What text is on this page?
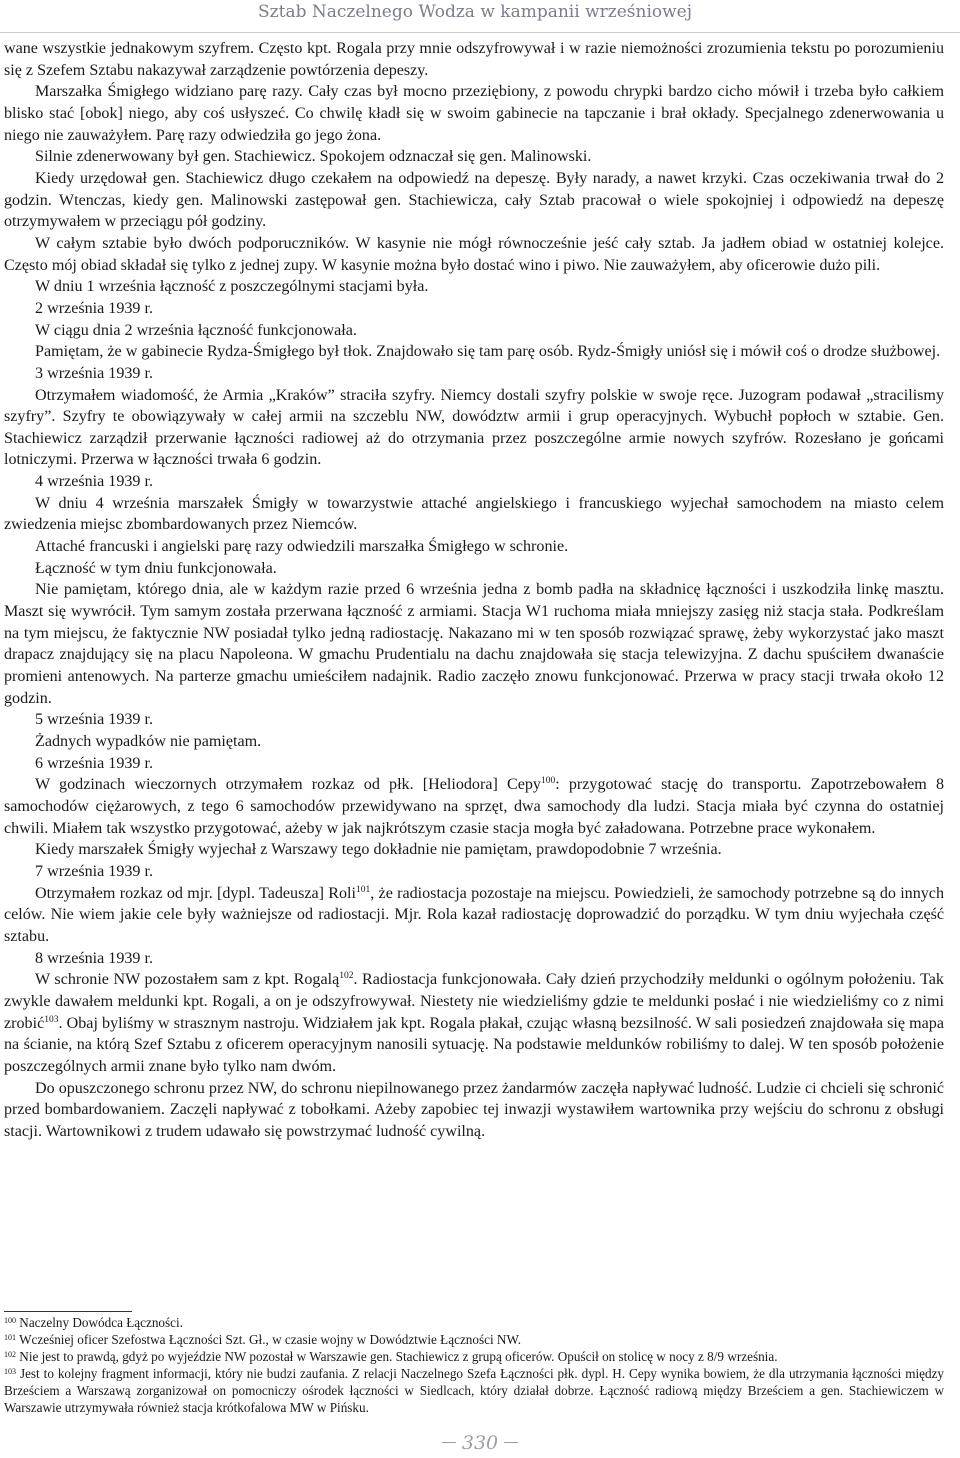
Sztab Naczelnego Wodza w kampanii wrześniowej

wane wszystkie jednakowym szyfrem. Często kpt. Rogala przy mnie odszyfrowywał i w razie niemożności zrozumienia tekstu po porozumieniu się z Szefem Sztabu nakazywał zarządzenie powtórzenia depeszy.

Marszałka Śmigłego widziano parę razy. Cały czas był mocno przeziębiony, z powodu chrypki bardzo cicho mówił i trzeba było całkiem blisko stać [obok] niego, aby coś usłyszeć. Co chwilę kładł się w swoim gabinecie na tapczanie i brał okłady. Specjalnego zdenerwowania u niego nie zauważyłem. Parę razy odwiedziła go jego żona.

Silnie zdenerwowany był gen. Stachiewicz. Spokojem odznaczał się gen. Malinowski.

Kiedy urzędował gen. Stachiewicz długo czekałem na odpowiedź na depeszę. Były narady, a nawet krzyki. Czas oczekiwania trwał do 2 godzin. Wtenczas, kiedy gen. Malinowski zastępował gen. Stachiewicza, cały Sztab pracował o wiele spokojniej i odpowiedź na depeszę otrzymywałem w przeciągu pół godziny.

W całym sztabie było dwóch podporuczników. W kasynie nie mógł równocześnie jeść cały sztab. Ja jadłem obiad w ostatniej kolejce. Często mój obiad składał się tylko z jednej zupy. W kasynie można było dostać wino i piwo. Nie zauważyłem, aby oficerowie dużo pili.

W dniu 1 września łączność z poszczególnymi stacjami była.

2 września 1939 r.

W ciągu dnia 2 września łączność funkcjonowała.

Pamiętam, że w gabinecie Rydza-Śmigłego był tłok. Znajdowało się tam parę osób. Rydz-Śmigły uniósł się i mówił coś o drodze służbowej.

3 września 1939 r.

Otrzymałem wiadomość, że Armia „Kraków” straciła szyfry. Niemcy dostali szyfry polskie w swoje ręce. Juzogram podawał „stracilismy szyfry”. Szyfry te obowiązywały w całej armii na szczeblu NW, dowództw armii i grup operacyjnych. Wybuchł popłoch w sztabie. Gen. Stachiewicz zarządził przerwanie łączności radiowej aż do otrzymania przez poszczególne armie nowych szyfrów. Rozesłano je gońcami lotniczymi. Przerwa w łączności trwała 6 godzin.

4 września 1939 r.

W dniu 4 września marszałek Śmigły w towarzystwie attaché angielskiego i francuskiego wyjechał samochodem na miasto celem zwiedzenia miejsc zbombardowanych przez Niemców.

Attaché francuski i angielski parę razy odwiedzili marszałka Śmigłego w schronie.

Łączność w tym dniu funkcjonowała.

Nie pamiętam, którego dnia, ale w każdym razie przed 6 września jedna z bomb padła na składnicę łączności i uszkodziła linkę masztu. Maszt się wywrócił. Tym samym została przerwana łączność z armiami. Stacja W1 ruchoma miała mniejszy zasięg niż stacja stała. Podkreślam na tym miejscu, że faktycznie NW posiadał tylko jedną radiostację. Nakazano mi w ten sposób rozwiązać sprawę, żeby wykorzystać jako maszt drapacz znajdujący się na placu Napoleona. W gmachu Prudentialu na dachu znajdowała się stacja telewizyjna. Z dachu spuściłem dwanaście promieni antenowych. Na parterze gmachu umieściłem nadajnik. Radio zaczęło znowu funkcjonować. Przerwa w pracy stacji trwała około 12 godzin.

5 września 1939 r.

Żadnych wypadków nie pamiętam.

6 września 1939 r.

W godzinach wieczornych otrzymałem rozkaz od płk. [Heliodora] Cepy$^{100}$: przygotować stację do transportu. Zapotrzebowałem 8 samochodów ciężarowych, z tego 6 samochodów przewidywano na sprzęt, dwa samochody dla ludzi. Stacja miała być czynna do ostatniej chwili. Miałem tak wszystko przygotować, ażeby w jak najkrótszym czasie stacja mogła być załadowana. Potrzebne prace wykonałem.

Kiedy marszałek Śmigły wyjechał z Warszawy tego dokładnie nie pamiętam, prawdopodobnie 7 września.

7 września 1939 r.

Otrzymałem rozkaz od mjr. [dypl. Tadeusza] Roli$^{101}$, że radiostacja pozostaje na miejscu. Powiedzieli, że samochody potrzebne są do innych celów. Nie wiem jakie cele były ważniejsze od radiostacji. Mjr. Rola kazał radiostację doprowadzić do porządku. W tym dniu wyjechała część sztabu.

8 września 1939 r.

W schronie NW pozostałem sam z kpt. Rogalą$^{102}$. Radiostacja funkcjonowała. Cały dzień przychodziły meldunki o ogólnym położeniu. Tak zwykle dawałem meldunki kpt. Rogali, a on je odszyfrowywał. Niestety nie wiedzieliśmy gdzie te meldunki posłać i nie wiedzieliśmy co z nimi zrobić$^{103}$. Obaj byliśmy w strasznym nastroju. Widziałem jak kpt. Rogala płakał, czując własną bezsilność. W sali posiedzeń znajdowała się mapa na ścianie, na którą Szef Sztabu z oficerem operacyjnym nanosili sytuację. Na podstawie meldunków robiliśmy to dalej. W ten sposób położenie poszczególnych armii znane było tylko nam dwóm.

Do opuszczonego schronu przez NW, do schronu niepilnowanego przez żandarmów zaczęła napływać ludność. Ludzie ci chcieli się schronić przed bombardowaniem. Zaczęli napływać z tobołkami. Ażeby zapobiec tej inwazji wystawiłem wartownika przy wejściu do schronu z obsługi stacji. Wartownikowi z trudem udawało się powstrzymać ludność cywilną.

$^{100}$ Naczelny Dowódca Łączności.

$^{101}$ Wcześniej oficer Szefostwa Łączności Szt. Gł., w czasie wojny w Dowództwie Łączności NW.

$^{102}$ Nie jest to prawdą, gdyż po wyjeździe NW pozostał w Warszawie gen. Stachiewicz z grupą oficerów. Opuścił on stolicę w nocy z 8/9 września.

$^{103}$ Jest to kolejny fragment informacji, który nie budzi zaufania. Z relacji Naczelnego Szefa Łączności płk. dypl. H. Cepy wynika bowiem, że dla utrzymania łączności między Brześciem a Warszawą zorganizował on pomocniczy ośrodek łączności w Siedlcach, który działał dobrze. Łączność radiową między Brześciem a gen. Stachiewiczem w Warszawie utrzymywała również stacja krótkofalowa MW w Pińsku.

330
